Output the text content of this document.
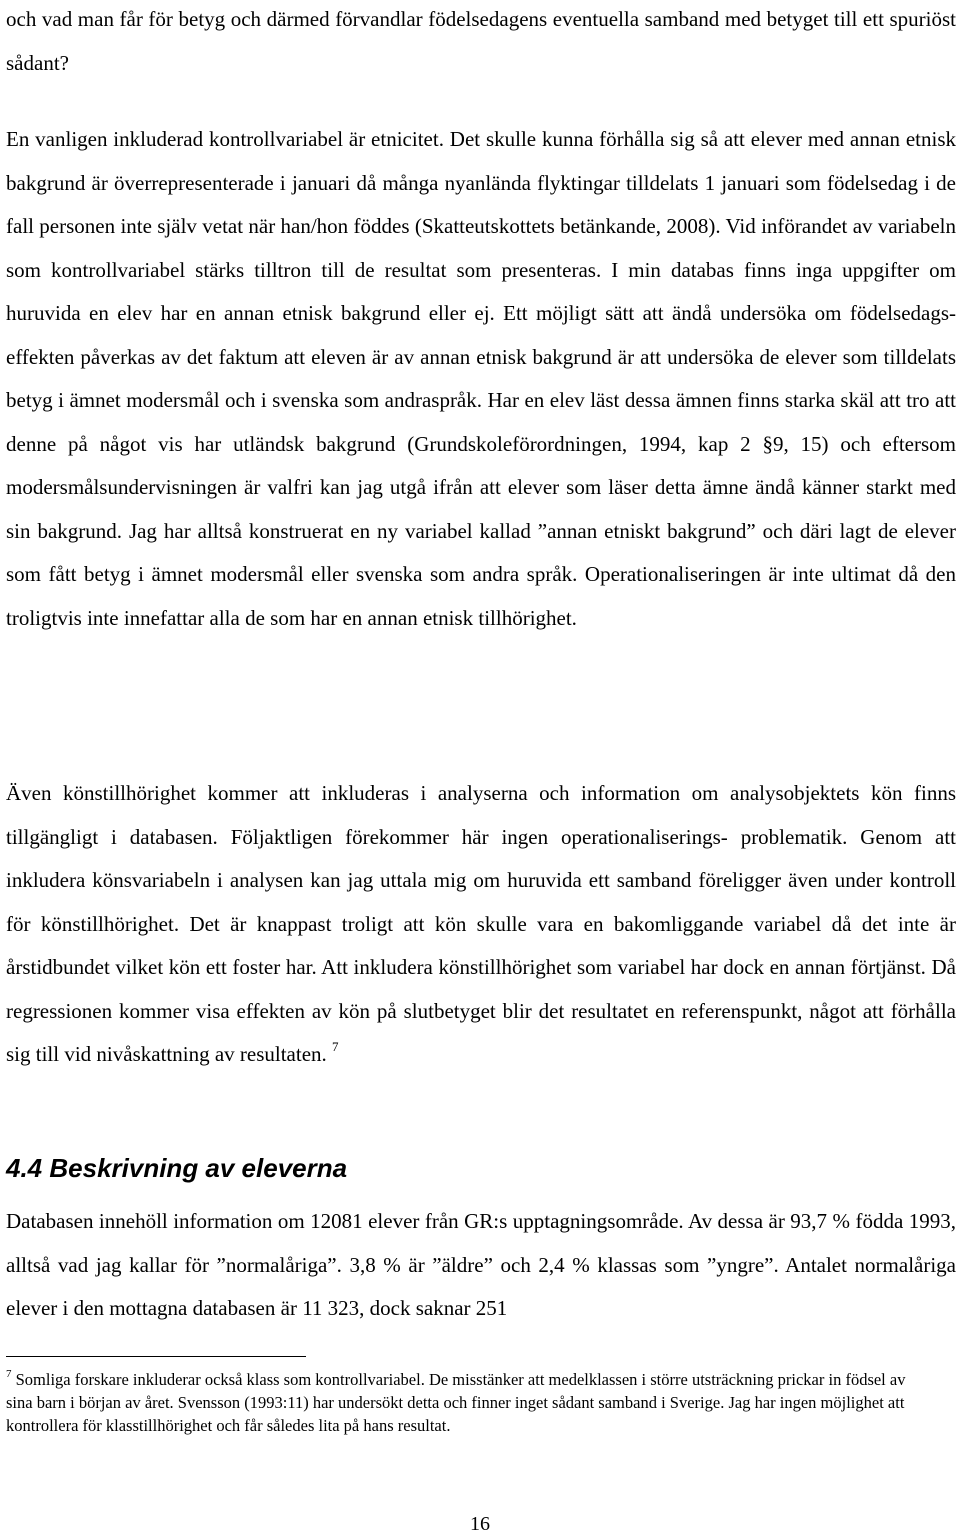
och vad man får för betyg och därmed förvandlar födelsedagens eventuella samband med betyget till ett spuriöst sådant?

En vanligen inkluderad kontrollvariabel är etnicitet. Det skulle kunna förhålla sig så att elever med annan etnisk bakgrund är överrepresenterade i januari då många nyanlända flyktingar tilldelats 1 januari som födelsedag i de fall personen inte själv vetat när han/hon föddes (Skatteutskottets betänkande, 2008). Vid införandet av variabeln som kontrollvariabel stärks tilltron till de resultat som presenteras. I min databas finns inga uppgifter om huruvida en elev har en annan etnisk bakgrund eller ej. Ett möjligt sätt att ändå undersöka om födelsedags- effekten påverkas av det faktum att eleven är av annan etnisk bakgrund är att undersöka de elever som tilldelats betyg i ämnet modersmål och i svenska som andraspråk. Har en elev läst dessa ämnen finns starka skäl att tro att denne på något vis har utländsk bakgrund (Grundskoleförordningen, 1994, kap 2 §9, 15) och eftersom modersmålsundervisningen är valfri kan jag utgå ifrån att elever som läser detta ämne ändå känner starkt med sin bakgrund. Jag har alltså konstruerat en ny variabel kallad ”annan etniskt bakgrund” och däri lagt de elever som fått betyg i ämnet modersmål eller svenska som andra språk. Operationaliseringen är inte ultimat då den troligtvis inte innefattar alla de som har en annan etnisk tillhörighet.

Även könstillhörighet kommer att inkluderas i analyserna och information om analysobjektets kön finns tillgängligt i databasen. Följaktligen förekommer här ingen operationaliserings- problematik. Genom att inkludera könsvariabeln i analysen kan jag uttala mig om huruvida ett samband föreligger även under kontroll för könstillhörighet. Det är knappast troligt att kön skulle vara en bakomliggande variabel då det inte är årstidbundet vilket kön ett foster har. Att inkludera könstillhörighet som variabel har dock en annan förtjänst. Då regressionen kommer visa effekten av kön på slutbetyget blir det resultatet en referenspunkt, något att förhålla sig till vid nivåskattning av resultaten. $^7$

4.4 Beskrivning av eleverna

Databasen innehöll information om 12081 elever från GR:s upptagningsområde. Av dessa är 93,7 % födda 1993, alltså vad jag kallar för ”normalåriga”. 3,8 % är ”äldre” och 2,4 % klassas som ”yngre”. Antalet normalåriga elever i den mottagna databasen är 11 323, dock saknar 251

$^7$ Somliga forskare inkluderar också klass som kontrollvariabel. De misstänker att medelklassen i större utsträckning prickar in födsel av sina barn i början av året. Svensson (1993:11) har undersökt detta och finner inget sådant samband i Sverige. Jag har ingen möjlighet att kontrollera för klasstillhörighet och får således lita på hans resultat.

16
